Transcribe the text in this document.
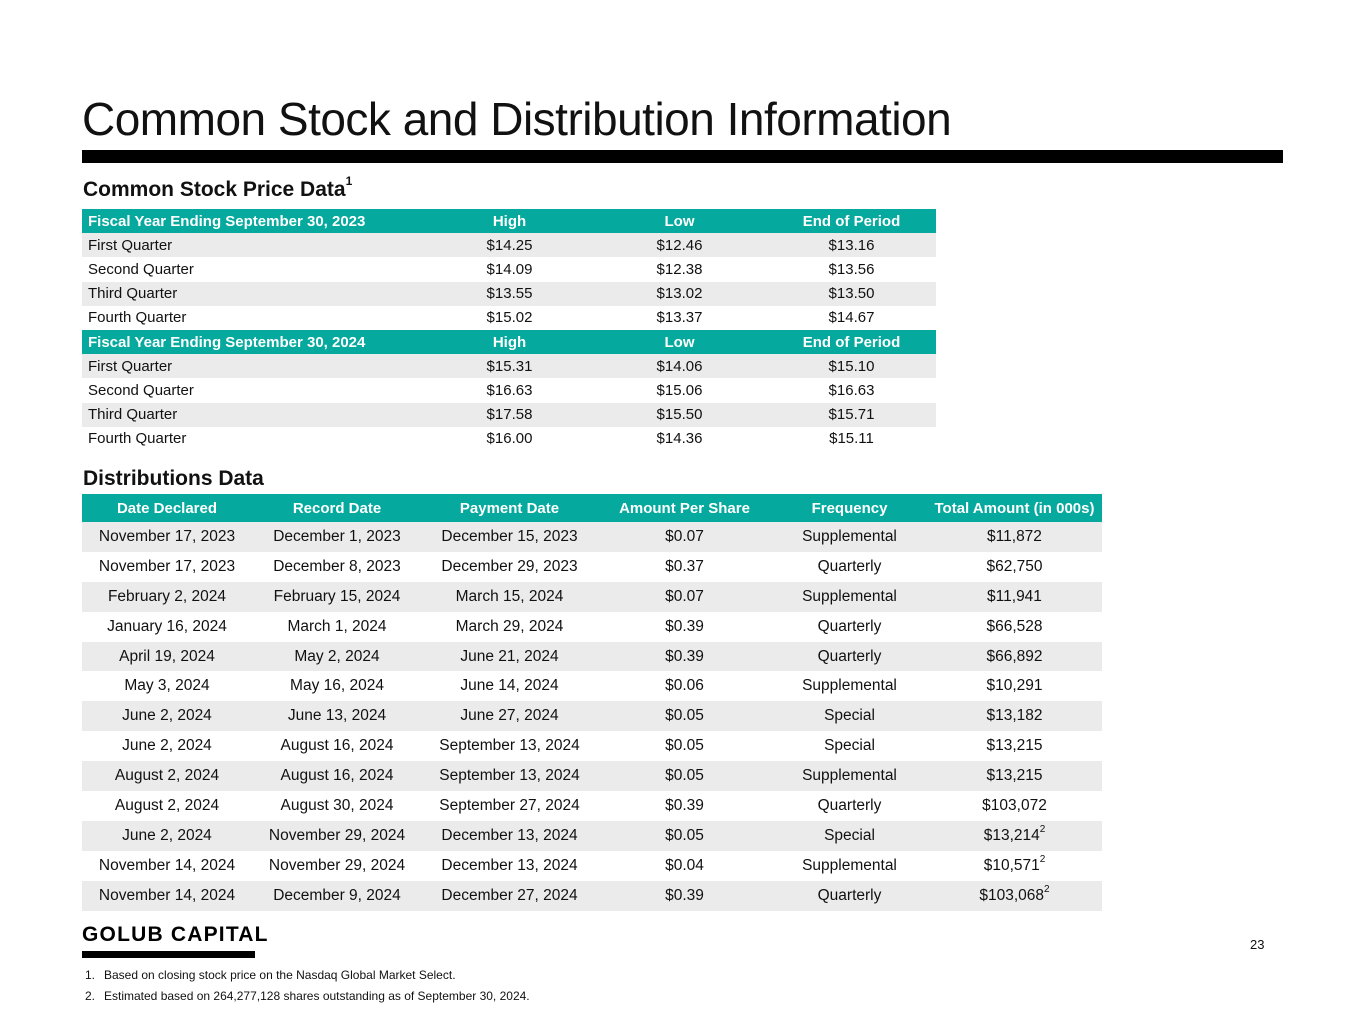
Common Stock and Distribution Information
Common Stock Price Data$^1$
Fiscal Year Ending September 30, 2023	High	Low	End of Period
First Quarter	$14.25	$12.46	$13.16
Second Quarter	$14.09	$12.38	$13.56
Third Quarter	$13.55	$13.02	$13.50
Fourth Quarter	$15.02	$13.37	$14.67
Fiscal Year Ending September 30, 2024	High	Low	End of Period
First Quarter	$15.31	$14.06	$15.10
Second Quarter	$16.63	$15.06	$16.63
Third Quarter	$17.58	$15.50	$15.71
Fourth Quarter	$16.00	$14.36	$15.11
Distributions Data
Date Declared	Record Date	Payment Date	Amount Per Share	Frequency	Total Amount (in 000s)
November 17, 2023	December 1, 2023	December 15, 2023	$0.07	Supplemental	$11,872
November 17, 2023	December 8, 2023	December 29, 2023	$0.37	Quarterly	$62,750
February 2, 2024	February 15, 2024	March 15, 2024	$0.07	Supplemental	$11,941
January 16, 2024	March 1, 2024	March 29, 2024	$0.39	Quarterly	$66,528
April 19, 2024	May 2, 2024	June 21, 2024	$0.39	Quarterly	$66,892
May 3, 2024	May 16, 2024	June 14, 2024	$0.06	Supplemental	$10,291
June 2, 2024	June 13, 2024	June 27, 2024	$0.05	Special	$13,182
June 2, 2024	August 16, 2024	September 13, 2024	$0.05	Special	$13,215
August 2, 2024	August 16, 2024	September 13, 2024	$0.05	Supplemental	$13,215
August 2, 2024	August 30, 2024	September 27, 2024	$0.39	Quarterly	$103,072
June 2, 2024	November 29, 2024	December 13, 2024	$0.05	Special	$13,214$^2$
November 14, 2024	November 29, 2024	December 13, 2024	$0.04	Supplemental	$10,571$^2$
November 14, 2024	December 9, 2024	December 27, 2024	$0.39	Quarterly	$103,068$^2$
GOLUB CAPITAL	23
1. Based on closing stock price on the Nasdaq Global Market Select.
2. Estimated based on 264,277,128 shares outstanding as of September 30, 2024.
